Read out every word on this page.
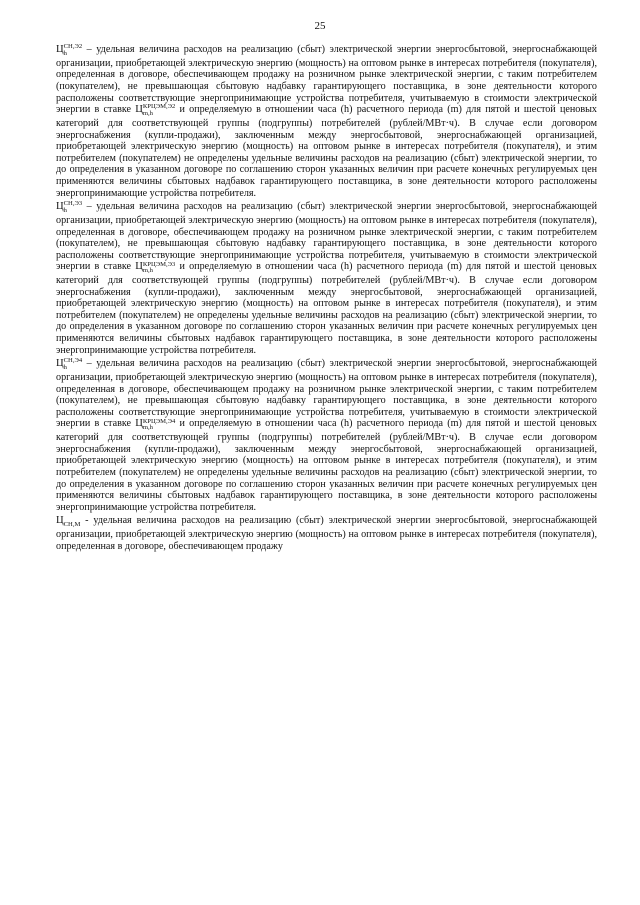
25

Ц СН,Э2
h	– удельная величина расходов на реализацию (сбыт) электрической энергии энергосбытовой, энергоснабжающей организации, приобретающей электрическую энергию (мощность) на оптовом рынке в интересах потребителя (покупателя), определенная в договоре, обеспечивающем продажу на розничном рынке электрической энергии, с таким потребителем (покупателем), не превышающая сбытовую надбавку гарантирующего поставщика, в зоне деятельности которого расположены соответствующие энергопринимающие устройства потребителя, учитываемую в стоимости электрической энергии в ставке Ц КРЦЭМ,Э2
m,h	и определяемую в отношении часа (h) расчетного периода (m) для пятой и шестой ценовых категорий для соответствующей группы (подгруппы) потребителей (рублей/МВт·ч). В случае если договором энергоснабжения (купли-продажи), заключенным между энергосбытовой, энергоснабжающей организацией, приобретающей электрическую энергию (мощность) на оптовом рынке в интересах потребителя (покупателя), и этим потребителем (покупателем) не определены удельные величины расходов на реализацию (сбыт) электрической энергии, то до определения в указанном договоре по соглашению сторон указанных величин при расчете конечных регулируемых цен применяются величины сбытовых надбавок гарантирующего поставщика, в зоне деятельности которого расположены энергопринимающие устройства потребителя.

Ц СН,Э3
h	– удельная величина расходов на реализацию (сбыт) электрической энергии энергосбытовой, энергоснабжающей организации, приобретающей электрическую энергию (мощность) на оптовом рынке в интересах потребителя (покупателя), определенная в договоре, обеспечивающем продажу на розничном рынке электрической энергии, с таким потребителем (покупателем), не превышающая сбытовую надбавку гарантирующего поставщика, в зоне деятельности которого расположены соответствующие энергопринимающие устройства потребителя, учитываемую в стоимости электрической энергии в ставке Ц КРЦЭМ,Э3
m,h	и определяемую в отношении часа (h) расчетного периода (m) для пятой и шестой ценовых категорий для соответствующей группы (подгруппы) потребителей (рублей/МВт·ч). В случае если договором энергоснабжения (купли-продажи), заключенным между энергосбытовой, энергоснабжающей организацией, приобретающей электрическую энергию (мощность) на оптовом рынке в интересах потребителя (покупателя), и этим потребителем (покупателем) не определены удельные величины расходов на реализацию (сбыт) электрической энергии, то до определения в указанном договоре по соглашению сторон указанных величин при расчете конечных регулируемых цен применяются величины сбытовых надбавок гарантирующего поставщика, в зоне деятельности которого расположены энергопринимающие устройства потребителя.

Ц СН,Э4
h	– удельная величина расходов на реализацию (сбыт) электрической энергии энергосбытовой, энергоснабжающей организации, приобретающей электрическую энергию (мощность) на оптовом рынке в интересах потребителя (покупателя), определенная в договоре, обеспечивающем продажу на розничном рынке электрической энергии, с таким потребителем (покупателем), не превышающая сбытовую надбавку гарантирующего поставщика, в зоне деятельности которого расположены соответствующие энергопринимающие устройства потребителя, учитываемую в стоимости электрической энергии в ставке Ц КРЦЭМ,Э4
m,h	и определяемую в отношении часа (h) расчетного периода (m) для пятой и шестой ценовых категорий для соответствующей группы (подгруппы) потребителей (рублей/МВт·ч). В случае если договором энергоснабжения (купли-продажи), заключенным между энергосбытовой, энергоснабжающей организацией, приобретающей электрическую энергию (мощность) на оптовом рынке в интересах потребителя (покупателя), и этим потребителем (покупателем) не определены удельные величины расходов на реализацию (сбыт) электрической энергии, то до определения в указанном договоре по соглашению сторон указанных величин при расчете конечных регулируемых цен применяются величины сбытовых надбавок гарантирующего поставщика, в зоне деятельности которого расположены энергопринимающие устройства потребителя.

Ц СН,М - удельная величина расходов на реализацию (сбыт) электрической энергии энергосбытовой, энергоснабжающей организации, приобретающей электрическую энергию (мощность) на оптовом рынке в интересах потребителя (покупателя), определенная в договоре, обеспечивающем продажу
